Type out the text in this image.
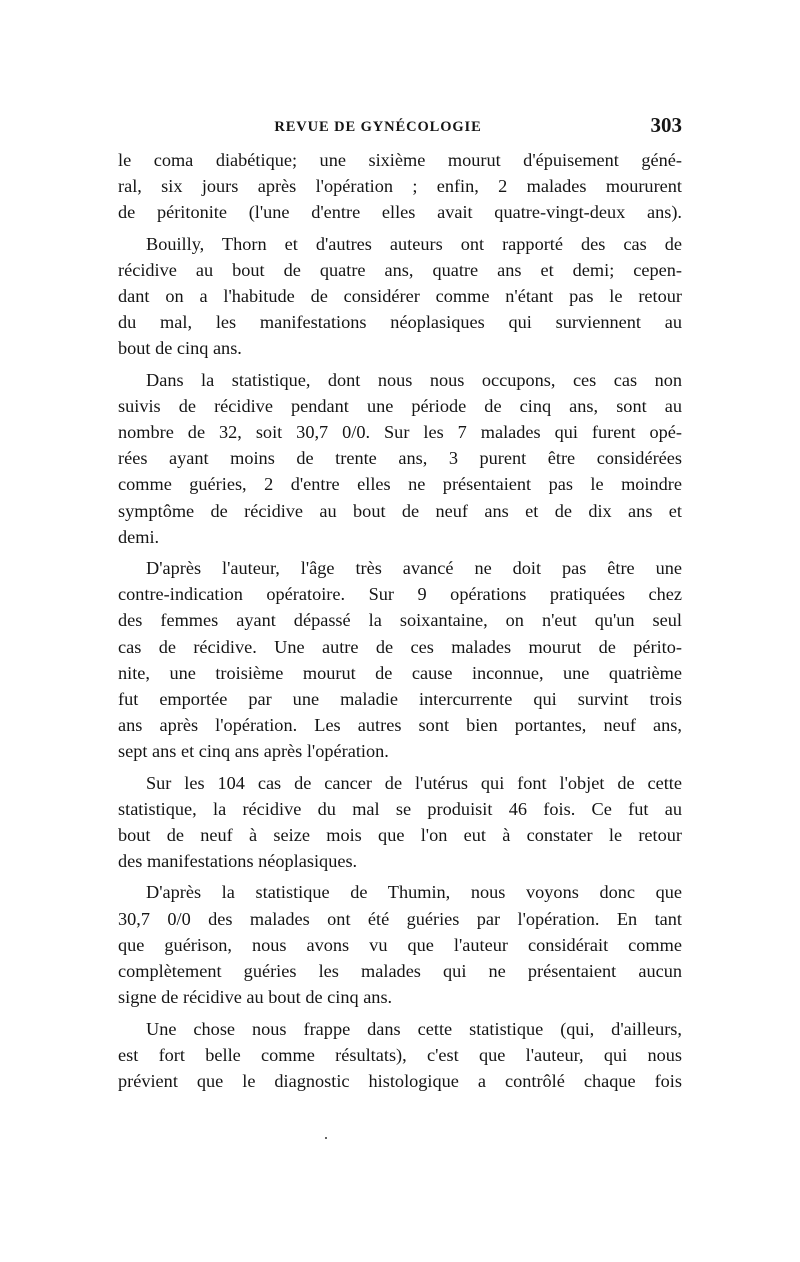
REVUE DE GYNÉCOLOGIE	303

le coma diabétique; une sixième mourut d'épuisement géné-

ral, six jours après l'opération ; enfin, 2 malades moururent

de péritonite (l'une d'entre elles avait quatre-vingt-deux ans).

Bouilly, Thorn et d'autres auteurs ont rapporté des cas de

récidive au bout de quatre ans, quatre ans et demi; cepen-

dant on a l'habitude de considérer comme n'étant pas le retour

du mal, les manifestations néoplasiques qui surviennent au

bout de cinq ans.

Dans la statistique, dont nous nous occupons, ces cas non

suivis de récidive pendant une période de cinq ans, sont au

nombre de 32, soit 30,7 0/0. Sur les 7 malades qui furent opé-

rées ayant moins de trente ans, 3 purent être considérées

comme guéries, 2 d'entre elles ne présentaient pas le moindre

symptôme de récidive au bout de neuf ans et de dix ans et

demi.

D'après l'auteur, l'âge très avancé ne doit pas être une

contre-indication opératoire. Sur 9 opérations pratiquées chez

des femmes ayant dépassé la soixantaine, on n'eut qu'un seul

cas de récidive. Une autre de ces malades mourut de périto-

nite, une troisième mourut de cause inconnue, une quatrième

fut emportée par une maladie intercurrente qui survint trois

ans après l'opération. Les autres sont bien portantes, neuf ans,

sept ans et cinq ans après l'opération.

Sur les 104 cas de cancer de l'utérus qui font l'objet de cette

statistique, la récidive du mal se produisit 46 fois. Ce fut au

bout de neuf à seize mois que l'on eut à constater le retour

des manifestations néoplasiques.

D'après la statistique de Thumin, nous voyons donc que

30,7 0/0 des malades ont été guéries par l'opération. En tant

que guérison, nous avons vu que l'auteur considérait comme

complètement guéries les malades qui ne présentaient aucun

signe de récidive au bout de cinq ans.

Une chose nous frappe dans cette statistique (qui, d'ailleurs,

est fort belle comme résultats), c'est que l'auteur, qui nous

prévient que le diagnostic histologique a contrôlé chaque fois
